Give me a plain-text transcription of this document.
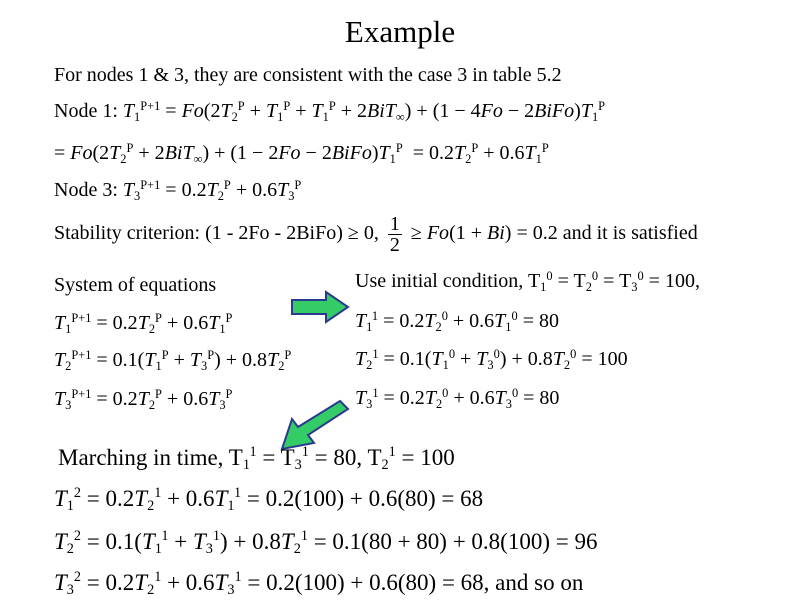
Example
For nodes 1 & 3, they are consistent with the case 3 in table 5.2
Node 1: $T_1^{P+1} = Fo(2T_2^P + T_1^P + T_1^P + 2BiT_\infty) + (1 - 4Fo$ − $2BiFo)T_1^P$
= $Fo(2T_2^P + 2BiT_\infty) + (1 - 2Fo$ − $2BiFo)T_1^P = 0.2T_2^P + 0.6T_1^P$
Node 3: $T_3^{P+1} = 0.2T_2^P + 0.6T_3^P$
Stability criterion: (1 - 2Fo - 2BiFo) ≥ 0, $\frac{1}{2} \ge Fo(1 + Bi) = 0.2$ and it is satisfied
System of equations	Use initial condition, $T_1^0 = T_2^0 = T_3^0 = 100$,
$T_1^{P+1} = 0.2T_2^P + 0.6T_1^P$
$T_2^{P+1} = 0.1(T_1^P + T_3^P) + 0.8T_2^P$
$T_3^{P+1} = 0.2T_2^P + 0.6T_3^P$
$T_1^1 = 0.2T_2^0 + 0.6T_1^0 = 80$
$T_2^1 = 0.1(T_1^0 + T_3^0) + 0.8T_2^0 = 100$
$T_3^1 = 0.2T_2^0 + 0.6T_3^0 = 80$
Marching in time, $T_1^1 = T_3^1 = 80$, $T_2^1 = 100$
$T_1^2 = 0.2T_2^1 + 0.6T_1^1 = 0.2(100) + 0.6(80) = 68$
$T_2^2 = 0.1(T_1^1 + T_3^1) + 0.8T_2^1 = 0.1(80 + 80) + 0.8(100) = 96$
$T_3^2 = 0.2T_2^1 + 0.6T_3^1 = 0.2(100) + 0.6(80) = 68$, and so on
